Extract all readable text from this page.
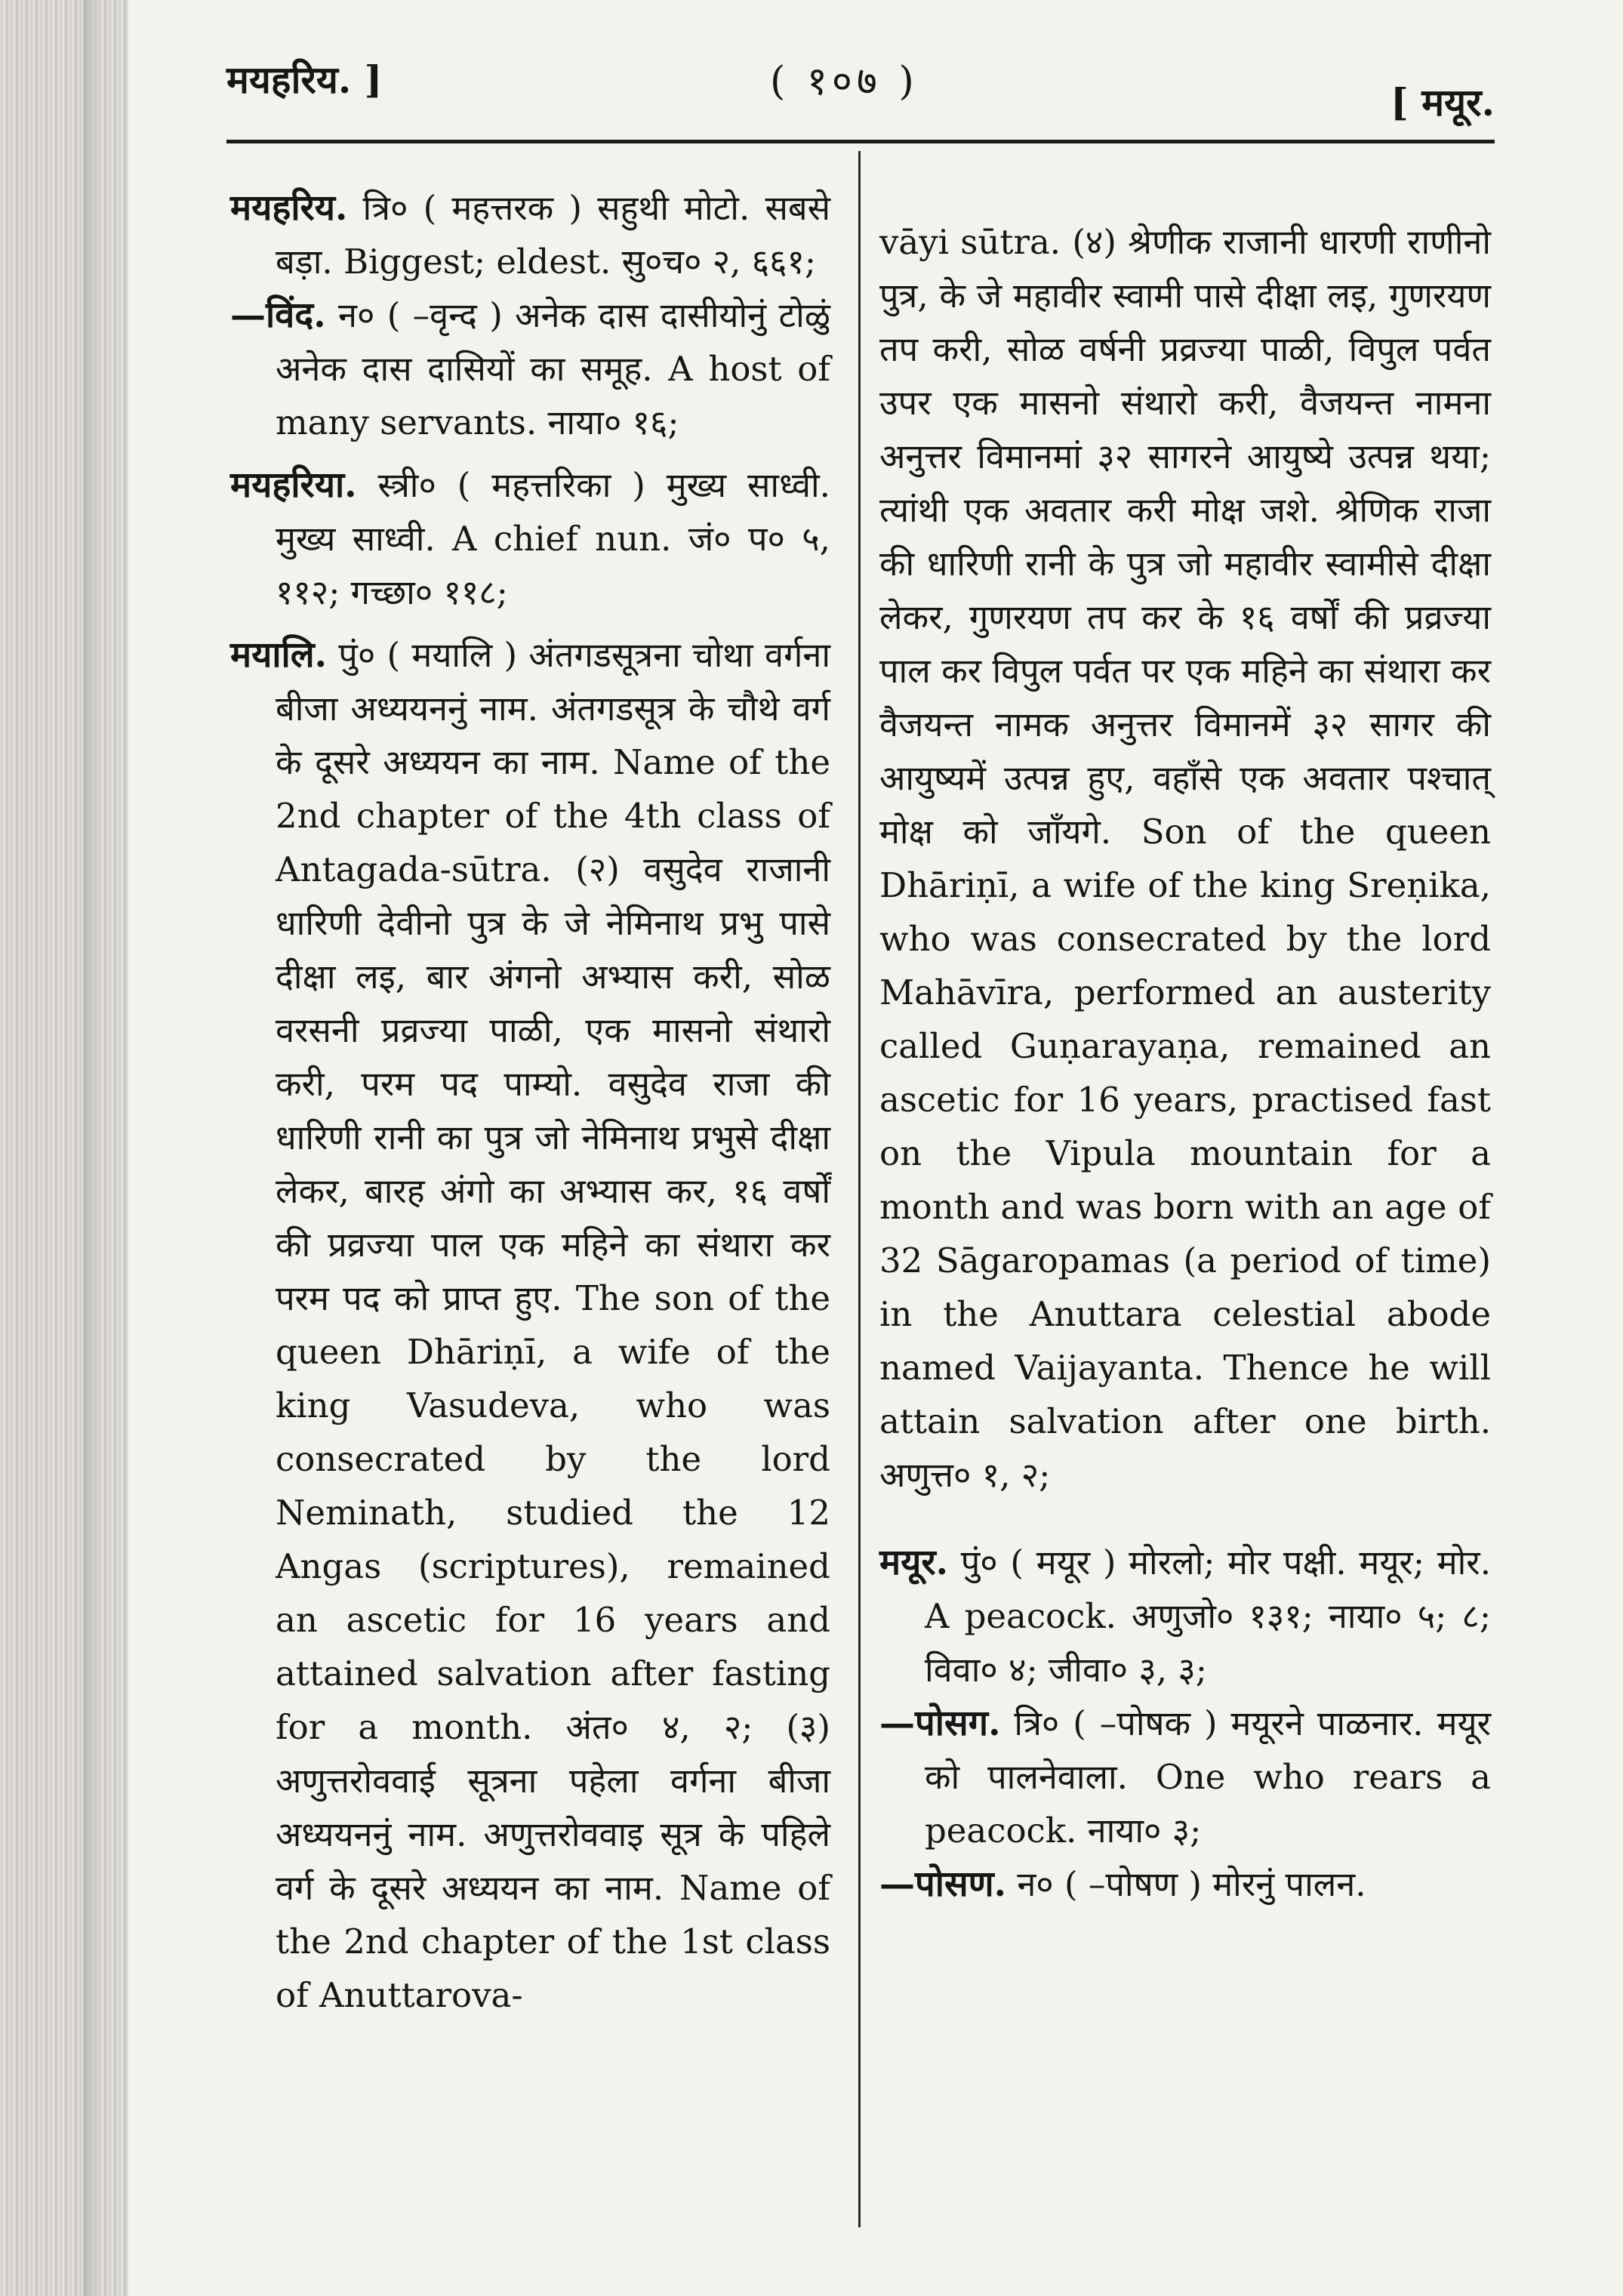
मयहरिय. ]	( १०७ )	[ मयूर.

मयहरिय. त्रि० ( महत्तरक ) सहुथी मोटो. सबसे बड़ा. Biggest; eldest. सु०च० २, ६६१;
—विंद. न० ( –वृन्द ) अनेक दास दासीयोनुं टोळुं अनेक दास दासियों का समूह. A host of many servants. नाया० १६;

मयहरिया. स्त्री० ( महत्तरिका ) मुख्य साध्वी. मुख्य साध्वी. A chief nun. जं० प० ५, ११२; गच्छा० ११८;

मयालि. पुं० ( मयालि ) अंतगडसूत्रना चोथा वर्गना बीजा अध्ययननुं नाम. अंतगडसूत्र के चौथे वर्ग के दूसरे अध्ययन का नाम. Name of the 2nd chapter of the 4th class of Antagada-sūtra. (२) वसुदेव राजानी धारिणी देवीनो पुत्र के जे नेमिनाथ प्रभु पासे दीक्षा लइ, बार अंगनो अभ्यास करी, सोळ वरसनी प्रव्रज्या पाळी, एक मासनो संथारो करी, परम पद पाम्यो. वसुदेव राजा की धारिणी रानी का पुत्र जो नेमिनाथ प्रभुसे दीक्षा लेकर, बारह अंगो का अभ्यास कर, १६ वर्षों की प्रव्रज्या पाल एक महिने का संथारा कर परम पद को प्राप्त हुए. The son of the queen Dhāriṇī, a wife of the king Vasudeva, who was consecrated by the lord Neminath, studied the 12 Angas (scriptures), remained an ascetic for 16 years and attained salvation after fasting for a month. अंत० ४, २; (३) अणुत्तरोववाई सूत्रना पहेला वर्गना बीजा अध्ययननुं नाम. अणुत्तरोववाइ सूत्र के पहिले वर्ग के दूसरे अध्ययन का नाम. Name of the 2nd chapter of the 1st class of Anuttarova-

vāyi sūtra. (४) श्रेणीक राजानी धारणी राणीनो पुत्र, के जे महावीर स्वामी पासे दीक्षा लइ, गुणरयण तप करी, सोळ वर्षनी प्रव्रज्या पाळी, विपुल पर्वत उपर एक मासनो संथारो करी, वैजयन्त नामना अनुत्तर विमानमां ३२ सागरने आयुष्ये उत्पन्न थया; त्यांथी एक अवतार करी मोक्ष जशे. श्रेणिक राजा की धारिणी रानी के पुत्र जो महावीर स्वामीसे दीक्षा लेकर, गुणरयण तप कर के १६ वर्षों की प्रव्रज्या पाल कर विपुल पर्वत पर एक महिने का संथारा कर वैजयन्त नामक अनुत्तर विमानमें ३२ सागर की आयुष्यमें उत्पन्न हुए, वहाँसे एक अवतार पश्चात् मोक्ष को जाँयगे. Son of the queen Dhāriṇī, a wife of the king Sreṇika, who was consecrated by the lord Mahāvīra, performed an austerity called Guṇarayaṇa, remained an ascetic for 16 years, practised fast on the Vipula mountain for a month and was born with an age of 32 Sāgaropamas (a period of time) in the Anuttara celestial abode named Vaijayanta. Thence he will attain salvation after one birth. अणुत्त० १, २;

मयूर. पुं० ( मयूर ) मोरलो; मोर पक्षी. मयूर; मोर. A peacock. अणुजो० १३१; नाया० ५; ८; विवा० ४; जीवा० ३, ३;
—पोसग. त्रि० ( –पोषक ) मयूरने पाळनार. मयूर को पालनेवाला. One who rears a peacock. नाया० ३;
—पोसण. न० ( –पोषण ) मोरनुं पालन.
